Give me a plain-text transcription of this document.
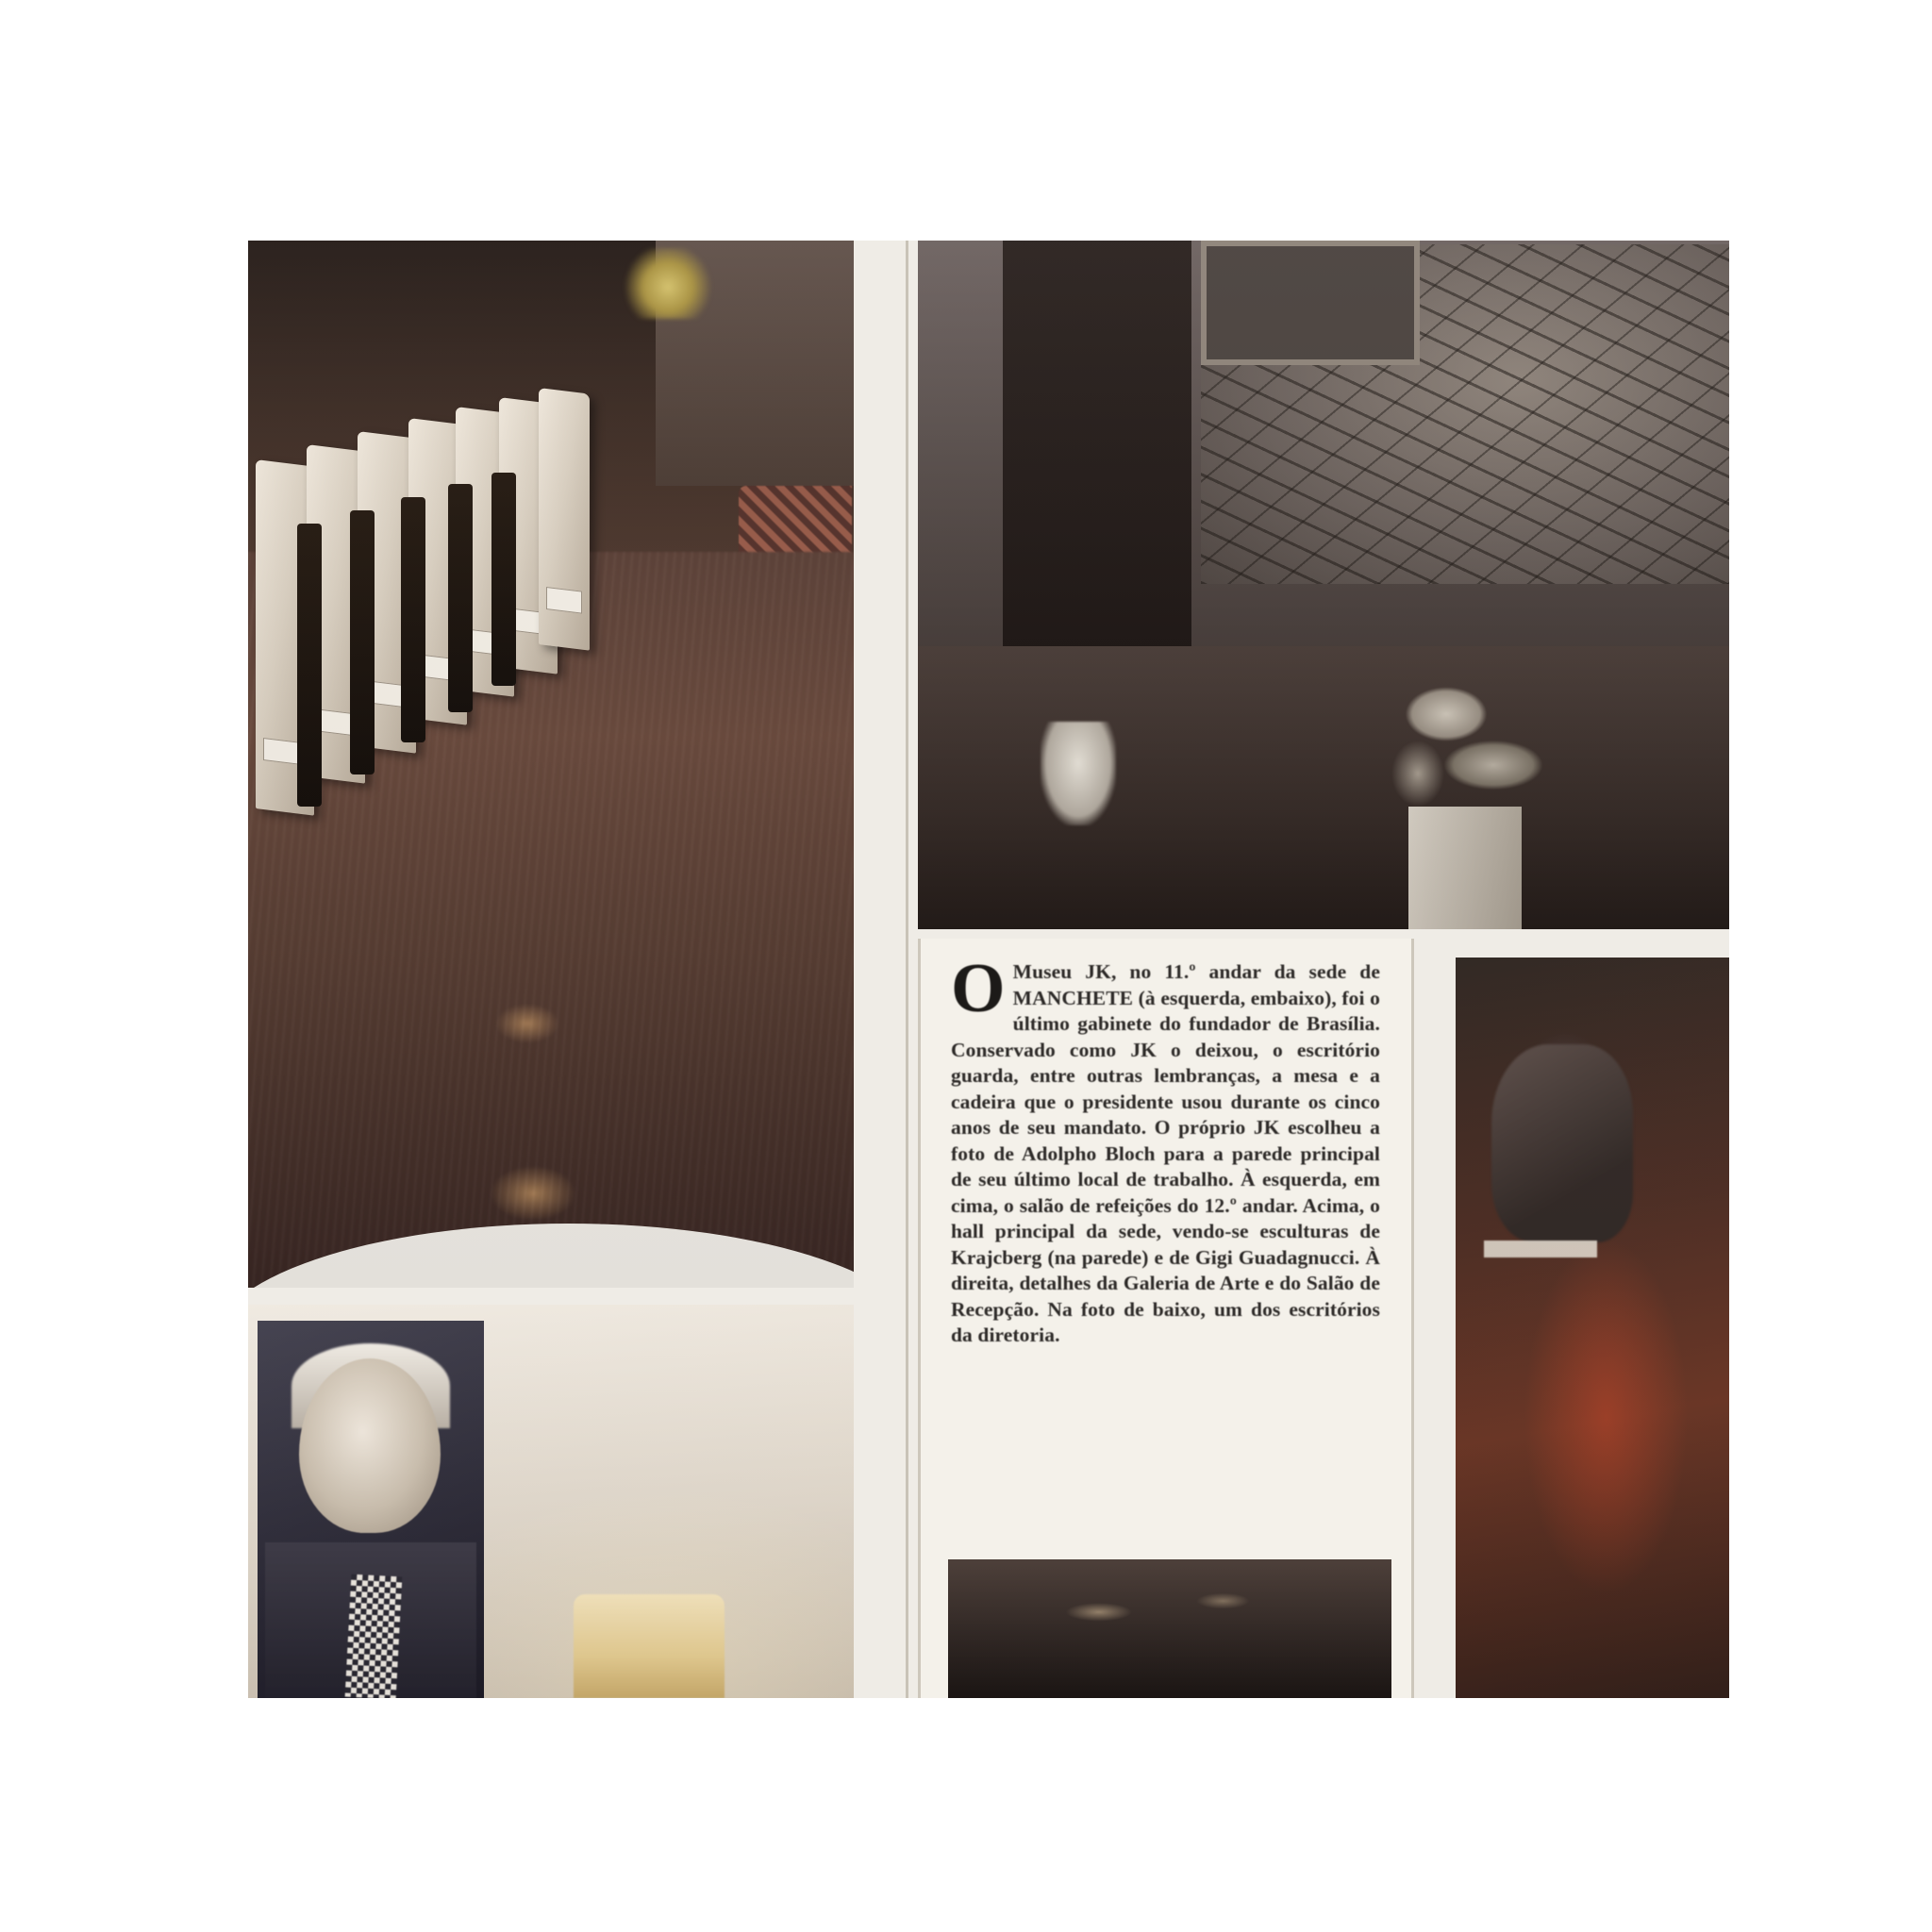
O Museu JK, no 11.º andar da sede de MANCHETE (à esquerda, embaixo), foi o último gabinete do fundador de Brasília. Conservado como JK o deixou, o escritório guarda, entre outras lembranças, a mesa e a cadeira que o presidente usou durante os cinco anos de seu mandato. O próprio JK escolheu a foto de Adolpho Bloch para a parede principal de seu último local de trabalho. À esquerda, em cima, o salão de refeições do 12.º andar. Acima, o hall principal da sede, vendo-se esculturas de Krajcberg (na parede) e de Gigi Guadagnucci. À direita, detalhes da Galeria de Arte e do Salão de Recepção. Na foto de baixo, um dos escritórios da diretoria.
